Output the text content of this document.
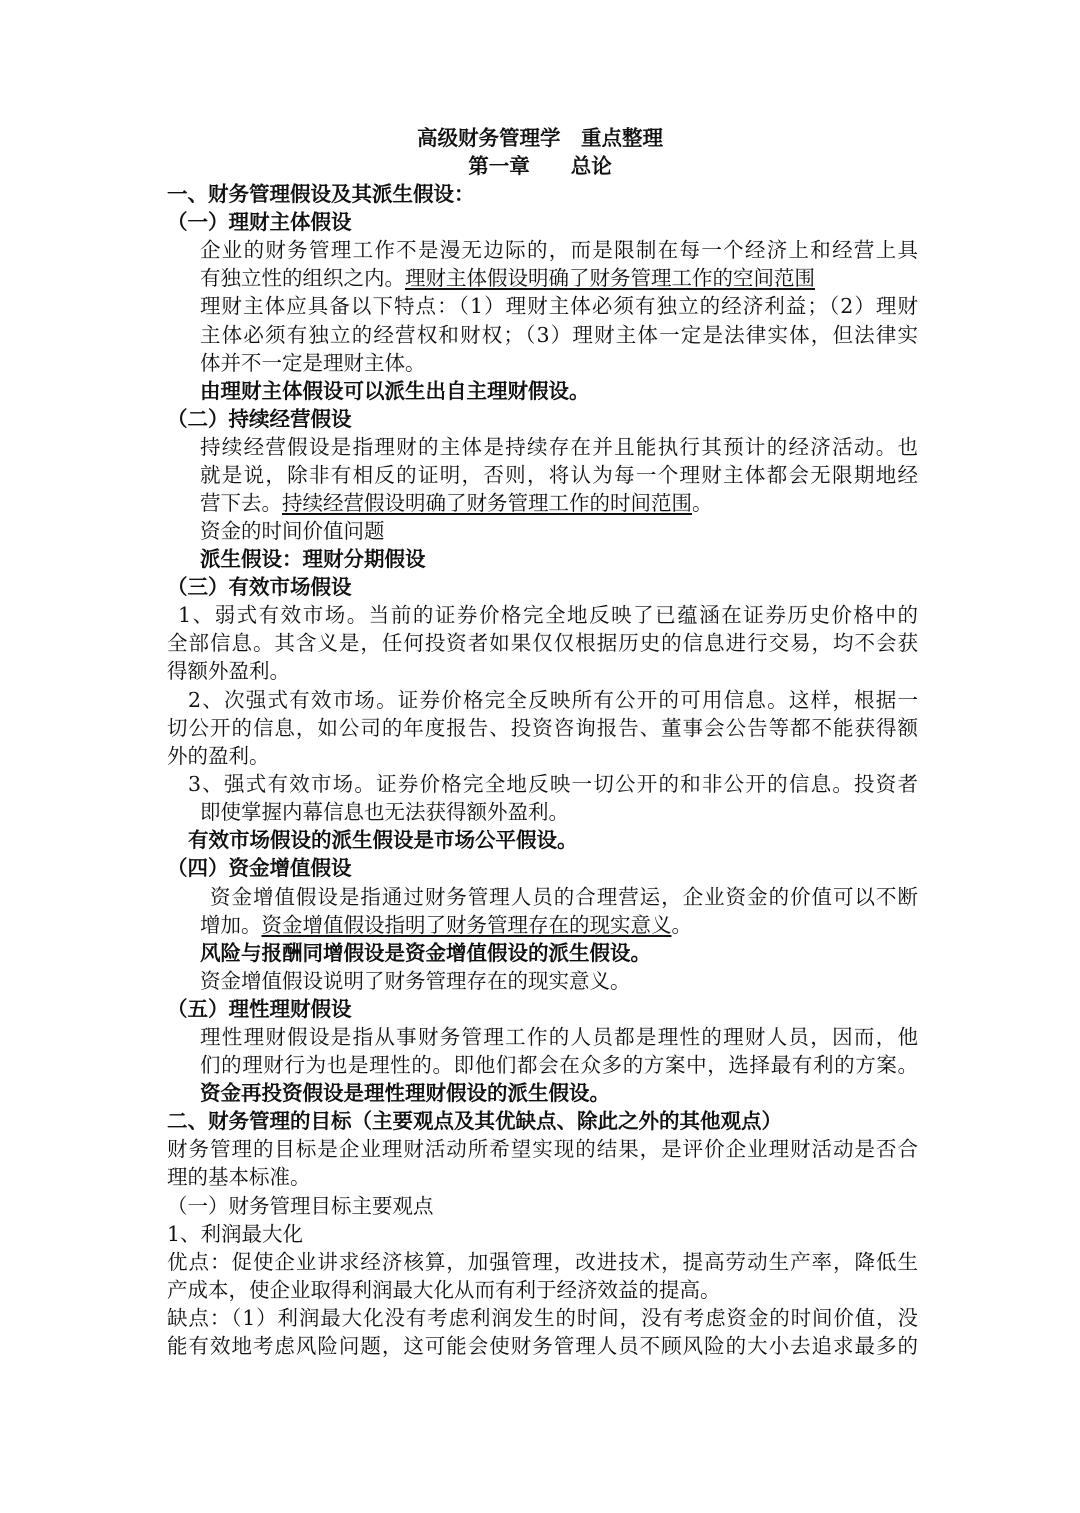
高级财务管理学　重点整理
第一章　　总论
一、财务管理假设及其派生假设：
（一）理财主体假设
企业的财务管理工作不是漫无边际的，而是限制在每一个经济上和经营上具
有独立性的组织之内。理财主体假设明确了财务管理工作的空间范围
理财主体应具备以下特点：（1）理财主体必须有独立的经济利益；（2）理财
主体必须有独立的经营权和财权；（3）理财主体一定是法律实体，但法律实
体并不一定是理财主体。
由理财主体假设可以派生出自主理财假设。
（二）持续经营假设
持续经营假设是指理财的主体是持续存在并且能执行其预计的经济活动。也
就是说，除非有相反的证明，否则，将认为每一个理财主体都会无限期地经
营下去。持续经营假设明确了财务管理工作的时间范围。
资金的时间价值问题
派生假设：理财分期假设
（三）有效市场假设
1、弱式有效市场。当前的证券价格完全地反映了已蕴涵在证券历史价格中的
全部信息。其含义是，任何投资者如果仅仅根据历史的信息进行交易，均不会获
得额外盈利。
2、次强式有效市场。证券价格完全反映所有公开的可用信息。这样，根据一
切公开的信息，如公司的年度报告、投资咨询报告、董事会公告等都不能获得额
外的盈利。
3、强式有效市场。证券价格完全地反映一切公开的和非公开的信息。投资者
即使掌握内幕信息也无法获得额外盈利。
有效市场假设的派生假设是市场公平假设。
（四）资金增值假设
资金增值假设是指通过财务管理人员的合理营运，企业资金的价值可以不断
增加。资金增值假设指明了财务管理存在的现实意义。
风险与报酬同增假设是资金增值假设的派生假设。
资金增值假设说明了财务管理存在的现实意义。
（五）理性理财假设
理性理财假设是指从事财务管理工作的人员都是理性的理财人员，因而，他
们的理财行为也是理性的。即他们都会在众多的方案中，选择最有利的方案。
资金再投资假设是理性理财假设的派生假设。
二、财务管理的目标（主要观点及其优缺点、除此之外的其他观点）
财务管理的目标是企业理财活动所希望实现的结果，是评价企业理财活动是否合
理的基本标准。
（一）财务管理目标主要观点
1、利润最大化
优点：促使企业讲求经济核算，加强管理，改进技术，提高劳动生产率，降低生
产成本，使企业取得利润最大化从而有利于经济效益的提高。
缺点：（1）利润最大化没有考虑利润发生的时间，没有考虑资金的时间价值，没
能有效地考虑风险问题，这可能会使财务管理人员不顾风险的大小去追求最多的
